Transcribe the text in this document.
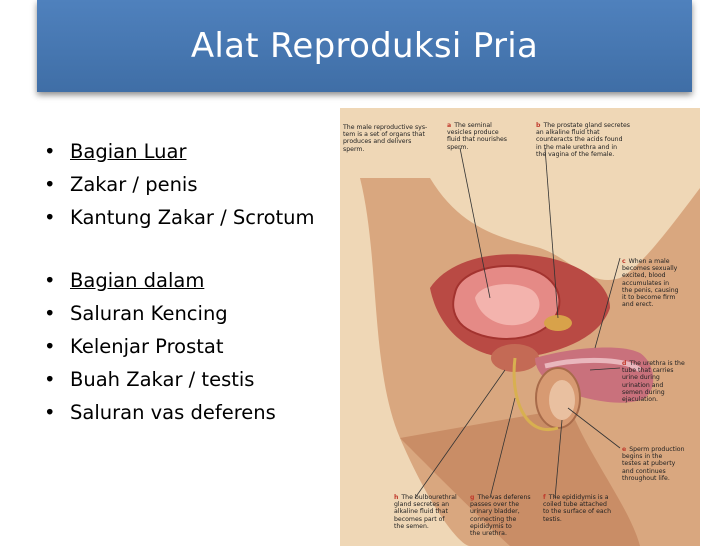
Alat Reproduksi Pria
• Bagian Luar
• Zakar / penis
• Kantung Zakar / Scrotum
• Bagian dalam
• Saluran Kencing
• Kelenjar Prostat
• Buah Zakar / testis
• Saluran vas deferens
The male reproductive sys-
tem is a set of organs that
produces and delivers
sperm.
a The seminal
vesicles produce
fluid that nourishes
sperm.
b The prostate gland secretes
an alkaline fluid that
counteracts the acids found
in the male urethra and in
the vagina of the female.
c When a male
becomes sexually
excited, blood
accumulates in
the penis, causing
it to become firm
and erect.
d The urethra is the
tube that carries
urine during
urination and
semen during
ejaculation.
e Sperm production
begins in the
testes at puberty
and continues
throughout life.
f The epididymis is a
coiled tube attached
to the surface of each
testis.
g The vas deferens
passes over the
urinary bladder,
connecting the
epididymis to
the urethra.
h The bulbourethral
gland secretes an
alkaline fluid that
becomes part of
the semen.
